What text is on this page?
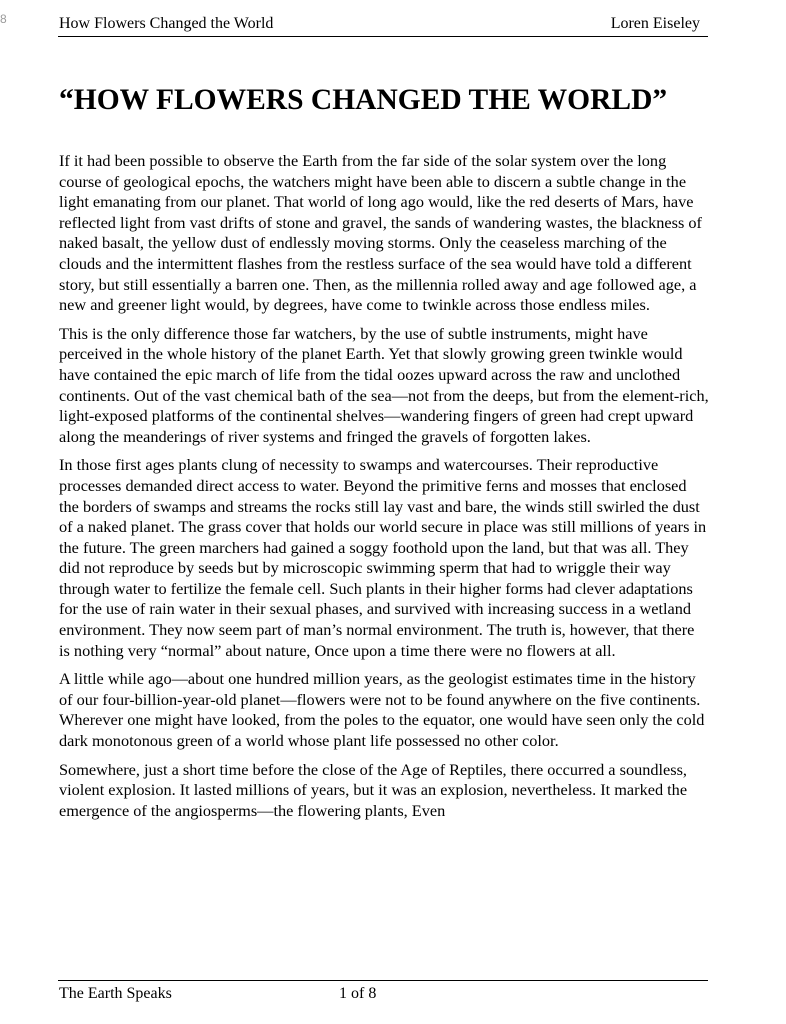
8	How Flowers Changed the World	Loren Eiseley
“HOW FLOWERS CHANGED THE WORLD”

If it had been possible to observe the Earth from the far side of the solar system over the long course of geological epochs, the watchers might have been able to discern a subtle change in the light emanating from our planet. That world of long ago would, like the red deserts of Mars, have reflected light from vast drifts of stone and gravel, the sands of wandering wastes, the blackness of naked basalt, the yellow dust of endlessly moving storms. Only the ceaseless marching of the clouds and the intermittent flashes from the restless surface of the sea would have told a different story, but still essentially a barren one. Then, as the millennia rolled away and age followed age, a new and greener light would, by degrees, have come to twinkle across those endless miles.

This is the only difference those far watchers, by the use of subtle instruments, might have perceived in the whole history of the planet Earth. Yet that slowly growing green twinkle would have contained the epic march of life from the tidal oozes upward across the raw and unclothed continents. Out of the vast chemical bath of the sea—not from the deeps, but from the element-rich, light-exposed platforms of the continental shelves—wandering fingers of green had crept upward along the meanderings of river systems and fringed the gravels of forgotten lakes.

In those first ages plants clung of necessity to swamps and watercourses. Their reproductive processes demanded direct access to water. Beyond the primitive ferns and mosses that enclosed the borders of swamps and streams the rocks still lay vast and bare, the winds still swirled the dust of a naked planet. The grass cover that holds our world secure in place was still millions of years in the future. The green marchers had gained a soggy foothold upon the land, but that was all. They did not reproduce by seeds but by microscopic swimming sperm that had to wriggle their way through water to fertilize the female cell. Such plants in their higher forms had clever adaptations for the use of rain water in their sexual phases, and survived with increasing success in a wetland environment. They now seem part of man’s normal environment. The truth is, however, that there is nothing very “normal” about nature, Once upon a time there were no flowers at all.

A little while ago—about one hundred million years, as the geologist estimates time in the history of our four-billion-year-old planet—flowers were not to be found anywhere on the five continents. Wherever one might have looked, from the poles to the equator, one would have seen only the cold dark monotonous green of a world whose plant life possessed no other color.

Somewhere, just a short time before the close of the Age of Reptiles, there occurred a soundless, violent explosion. It lasted millions of years, but it was an explosion, nevertheless. It marked the emergence of the angiosperms—the flowering plants, Even

The Earth Speaks	1 of 8
